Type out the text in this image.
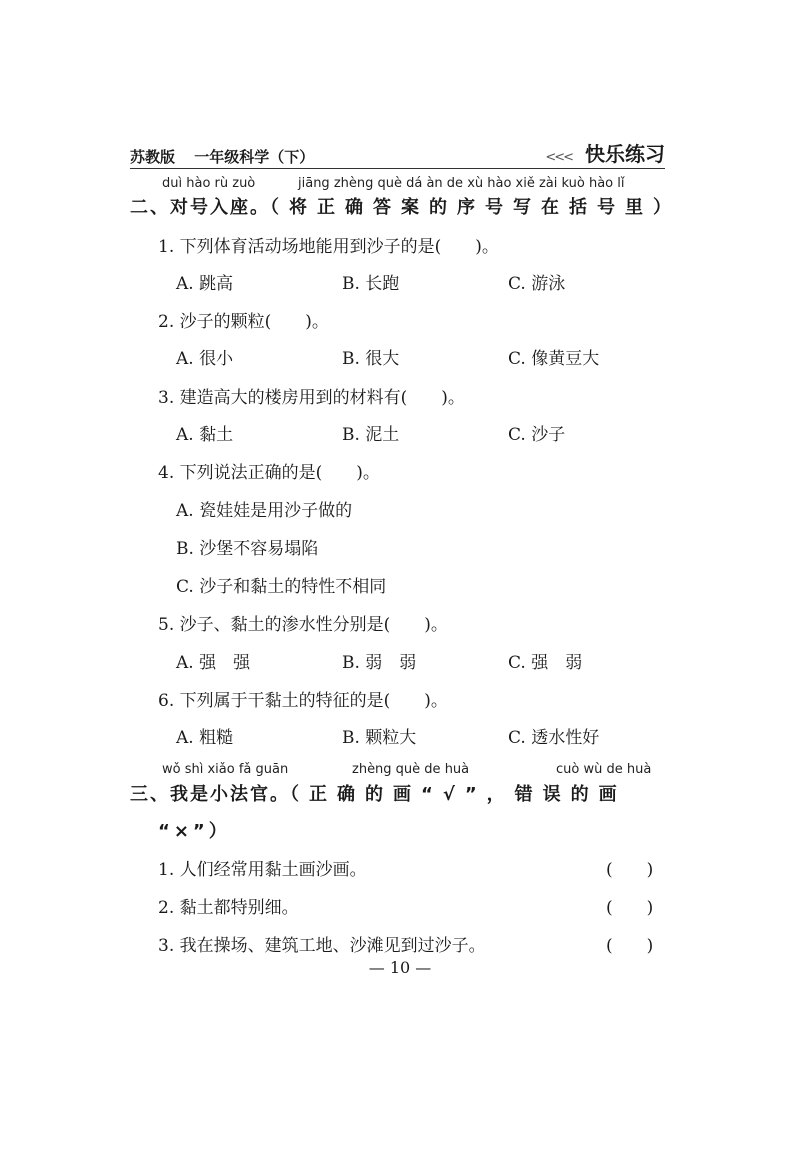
苏教版 一年级科学（下）	<<< 快乐练习
duì hào rù zuò	jiāng zhèng què dá àn de xù hào xiě zài kuò hào lǐ
二、对号入座。（将正确答案的序号写在括号里）
1. 下列体育活动场地能用到沙子的是(　　)。
A. 跳高	B. 长跑	C. 游泳
2. 沙子的颗粒(　　)。
A. 很小	B. 很大	C. 像黄豆大
3. 建造高大的楼房用到的材料有(　　)。
A. 黏土	B. 泥土	C. 沙子
4. 下列说法正确的是(　　)。
A. 瓷娃娃是用沙子做的
B. 沙堡不容易塌陷
C. 沙子和黏土的特性不相同
5. 沙子、黏土的渗水性分别是(　　)。
A. 强　强	B. 弱　弱	C. 强　弱
6. 下列属于干黏土的特征的是(　　)。
A. 粗糙	B. 颗粒大	C. 透水性好
wǒ shì xiǎo fǎ guān	zhèng què de huà	cuò wù de huà
三、我是小法官。（正确的画“√”，错误的画
“×”）
1. 人们经常用黏土画沙画。	(　　)
2. 黏土都特别细。	(　　)
3. 我在操场、建筑工地、沙滩见到过沙子。	(　　)
— 10 —
